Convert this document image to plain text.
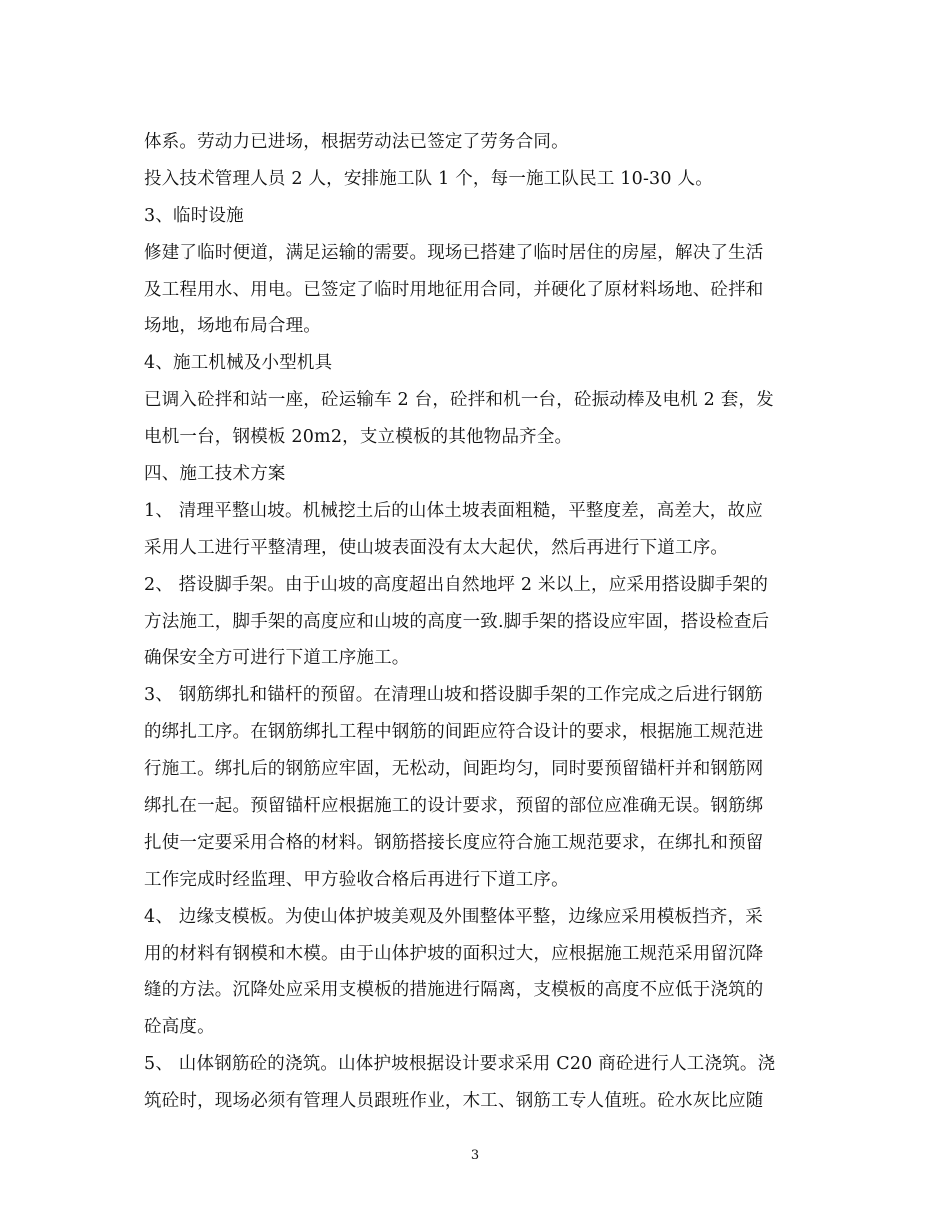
体系。劳动力已进场，根据劳动法已签定了劳务合同。
投入技术管理人员 2 人，安排施工队 1 个，每一施工队民工 10-30 人。
3、临时设施
修建了临时便道，满足运输的需要。现场已搭建了临时居住的房屋，解决了生活
及工程用水、用电。已签定了临时用地征用合同，并硬化了原材料场地、砼拌和
场地，场地布局合理。
4、施工机械及小型机具
已调入砼拌和站一座，砼运输车 2 台，砼拌和机一台，砼振动棒及电机 2 套，发
电机一台，钢模板 20m2，支立模板的其他物品齐全。
四、施工技术方案
1、 清理平整山坡。机械挖土后的山体土坡表面粗糙，平整度差，高差大，故应
采用人工进行平整清理，使山坡表面没有太大起伏，然后再进行下道工序。
2、 搭设脚手架。由于山坡的高度超出自然地坪 2 米以上，应采用搭设脚手架的
方法施工，脚手架的高度应和山坡的高度一致.脚手架的搭设应牢固，搭设检查后
确保安全方可进行下道工序施工。
3、 钢筋绑扎和锚杆的预留。在清理山坡和搭设脚手架的工作完成之后进行钢筋
的绑扎工序。在钢筋绑扎工程中钢筋的间距应符合设计的要求，根据施工规范进
行施工。绑扎后的钢筋应牢固，无松动，间距均匀，同时要预留锚杆并和钢筋网
绑扎在一起。预留锚杆应根据施工的设计要求，预留的部位应准确无误。钢筋绑
扎使一定要采用合格的材料。钢筋搭接长度应符合施工规范要求，在绑扎和预留
工作完成时经监理、甲方验收合格后再进行下道工序。
4、 边缘支模板。为使山体护坡美观及外围整体平整，边缘应采用模板挡齐，采
用的材料有钢模和木模。由于山体护坡的面积过大，应根据施工规范采用留沉降
缝的方法。沉降处应采用支模板的措施进行隔离，支模板的高度不应低于浇筑的
砼高度。
5、 山体钢筋砼的浇筑。山体护坡根据设计要求采用 C20 商砼进行人工浇筑。浇
筑砼时，现场必须有管理人员跟班作业，木工、钢筋工专人值班。砼水灰比应随
3
